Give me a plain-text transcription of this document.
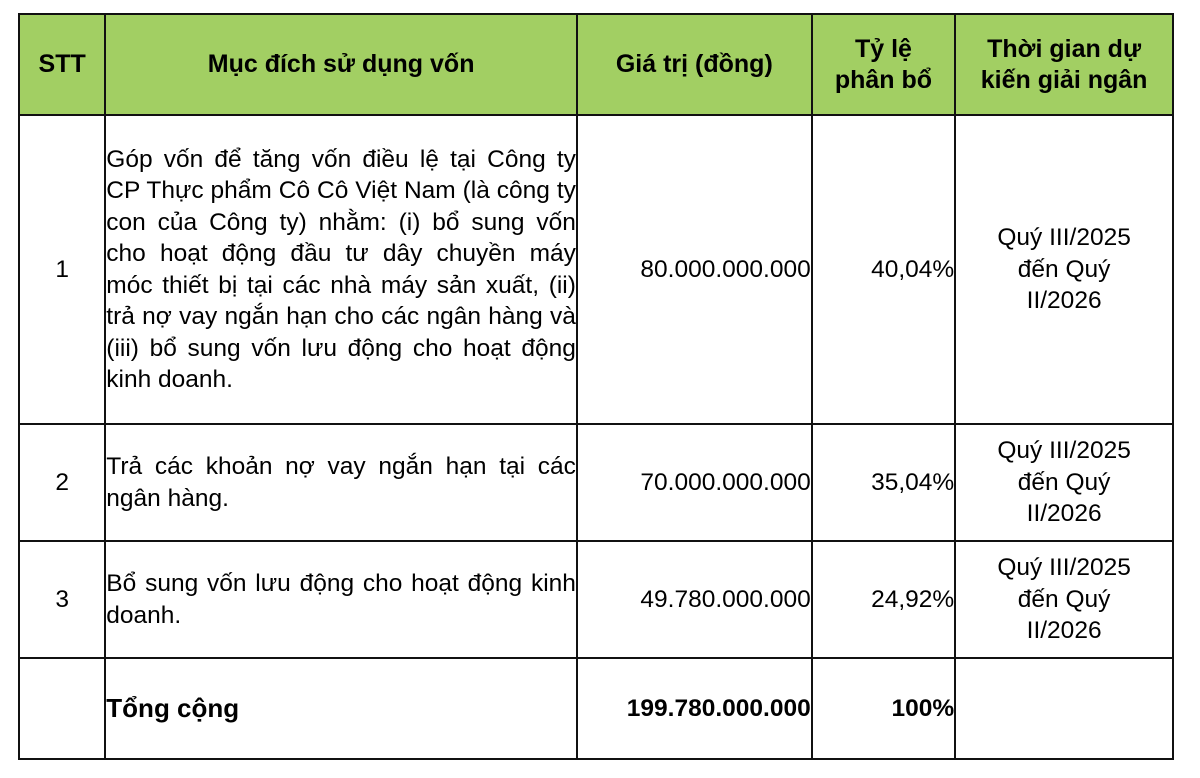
STT	Mục đích sử dụng vốn	Giá trị (đồng)	Tỷ lệ phân bổ	Thời gian dự kiến giải ngân

1	Góp vốn để tăng vốn điều lệ tại Công ty CP Thực phẩm Cô Cô Việt Nam (là công ty con của Công ty) nhằm: (i) bổ sung vốn cho hoạt động đầu tư dây chuyền máy móc thiết bị tại các nhà máy sản xuất, (ii) trả nợ vay ngắn hạn cho các ngân hàng và (iii) bổ sung vốn lưu động cho hoạt động kinh doanh.	80.000.000.000	40,04%	Quý III/2025 đến Quý II/2026

2	Trả các khoản nợ vay ngắn hạn tại các ngân hàng.	70.000.000.000	35,04%	Quý III/2025 đến Quý II/2026

3	Bổ sung vốn lưu động cho hoạt động kinh doanh.	49.780.000.000	24,92%	Quý III/2025 đến Quý II/2026

	Tổng cộng	199.780.000.000	100%	
